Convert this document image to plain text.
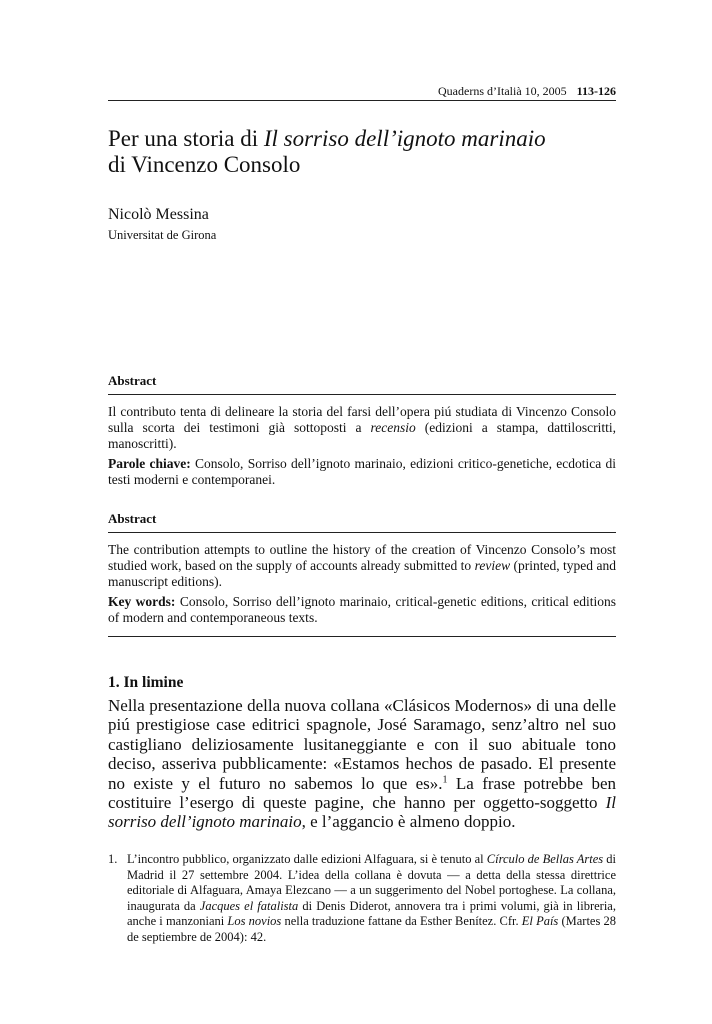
Quaderns d’Italià 10, 2005 113-126
Per una storia di Il sorriso dell’ignoto marinaio
di Vincenzo Consolo
Nicolò Messina
Universitat de Girona
Abstract

Il contributo tenta di delineare la storia del farsi dell’opera piú studiata di Vincenzo Consolo sulla scorta dei testimoni già sottoposti a recensio (edizioni a stampa, dattiloscritti, manoscritti).

Parole chiave: Consolo, Sorriso dell’ignoto marinaio, edizioni critico-genetiche, ecdotica di testi moderni e contemporanei.

Abstract

The contribution attempts to outline the history of the creation of Vincenzo Consolo’s most studied work, based on the supply of accounts already submitted to review (printed, typed and manuscript editions).

Key words: Consolo, Sorriso dell’ignoto marinaio, critical-genetic editions, critical editions of modern and contemporaneous texts.

1. In limine

Nella presentazione della nuova collana «Clásicos Modernos» di una delle piú prestigiose case editrici spagnole, José Saramago, senz’altro nel suo castigliano deliziosamente lusitaneggiante e con il suo abituale tono deciso, asseriva pubblicamente: «Estamos hechos de pasado. El presente no existe y el futuro no sabemos lo que es».$^1$ La frase potrebbe ben costituire l’esergo di queste pagine, che hanno per oggetto-soggetto Il sorriso dell’ignoto marinaio, e l’aggancio è almeno doppio.

1. L’incontro pubblico, organizzato dalle edizioni Alfaguara, si è tenuto al Círculo de Bellas Artes di Madrid il 27 settembre 2004. L’idea della collana è dovuta — a detta della stessa direttrice editoriale di Alfaguara, Amaya Elezcano — a un suggerimento del Nobel portoghese. La collana, inaugurata da Jacques el fatalista di Denis Diderot, annovera tra i primi volumi, già in libreria, anche i manzoniani Los novios nella traduzione fattane da Esther Benítez. Cfr. El País (Martes 28 de septiembre de 2004): 42.
